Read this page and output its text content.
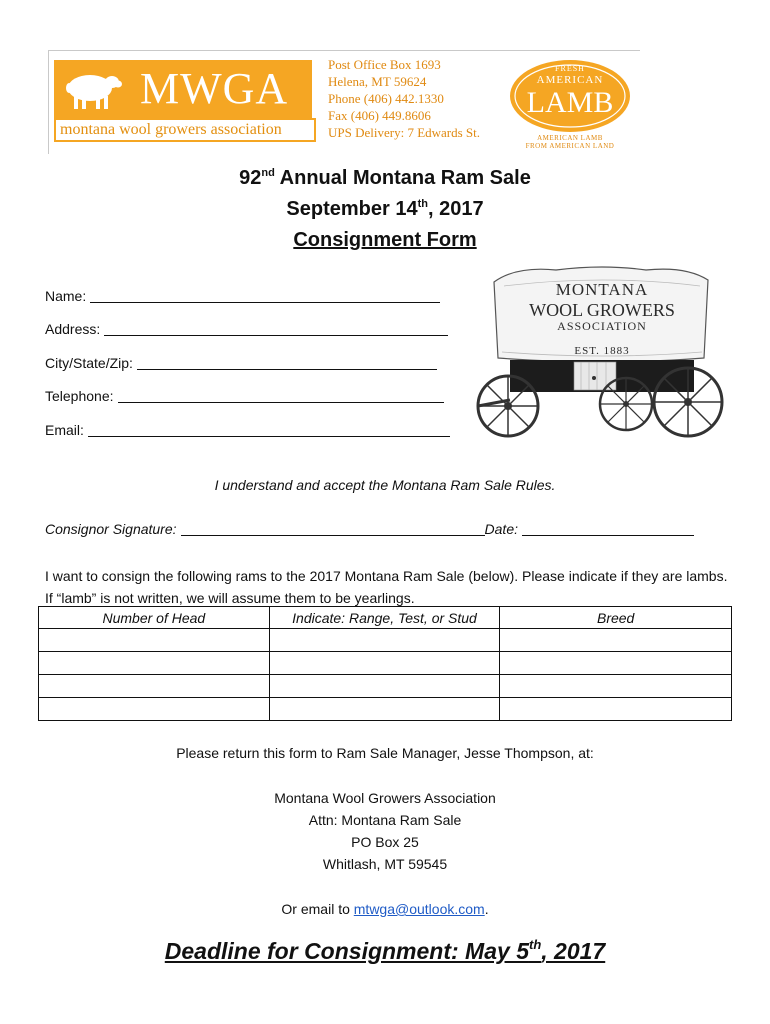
MWGA
montana wool growers association
Post Office Box 1693
Helena, MT 59624
Phone (406) 442.1330
Fax (406) 449.8606
UPS Delivery: 7 Edwards St.
FRESH
AMERICAN
LAMB
AMERICAN LAMB
FROM AMERICAN LAND
92nd Annual Montana Ram Sale
September 14th, 2017
Consignment Form
Name:
Address:
City/State/Zip:
Telephone:
Email:
MONTANA
WOOL GROWERS
ASSOCIATION
EST. 1883
I understand and accept the Montana Ram Sale Rules.
Consignor Signature:	Date:
I want to consign the following rams to the 2017 Montana Ram Sale (below). Please indicate if they are lambs. If “lamb” is not written, we will assume them to be yearlings.
Number of Head	Indicate: Range, Test, or Stud	Breed

Please return this form to Ram Sale Manager, Jesse Thompson, at:
Montana Wool Growers Association
Attn: Montana Ram Sale
PO Box 25
Whitlash, MT 59545
Or email to mtwga@outlook.com.
Deadline for Consignment: May 5th, 2017
